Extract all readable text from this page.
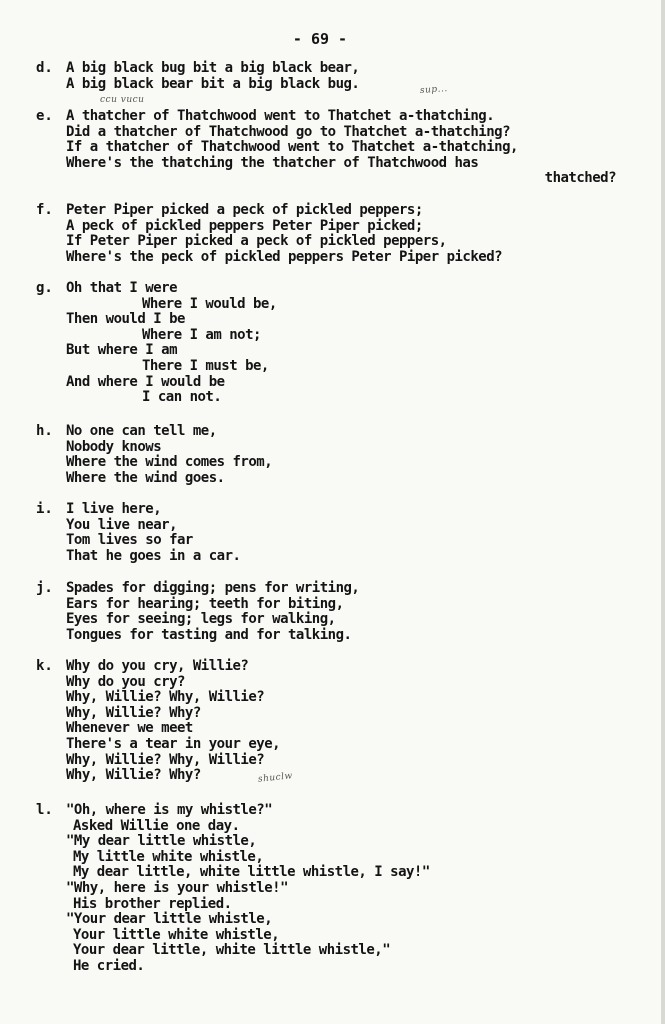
- 69 -
d. A big black bug bit a big black bear,
A big black bear bit a big black bug.
ccu vucu
sup...
e. A thatcher of Thatchwood went to Thatchet a-thatching.
Did a thatcher of Thatchwood go to Thatchet a-thatching?
If a thatcher of Thatchwood went to Thatchet a-thatching,
Where's the thatching the thatcher of Thatchwood has
thatched?
f. Peter Piper picked a peck of pickled peppers;
A peck of pickled peppers Peter Piper picked;
If Peter Piper picked a peck of pickled peppers,
Where's the peck of pickled peppers Peter Piper picked?
g. Oh that I were
Where I would be,
Then would I be
Where I am not;
But where I am
There I must be,
And where I would be
I can not.
h. No one can tell me,
Nobody knows
Where the wind comes from,
Where the wind goes.
i. I live here,
You live near,
Tom lives so far
That he goes in a car.
j. Spades for digging; pens for writing,
Ears for hearing; teeth for biting,
Eyes for seeing; legs for walking,
Tongues for tasting and for talking.
k. Why do you cry, Willie?
Why do you cry?
Why, Willie? Why, Willie?
Why, Willie? Why?
Whenever we meet
There's a tear in your eye,
Why, Willie? Why, Willie?
Why, Willie? Why?	shuclw
l. "Oh, where is my whistle?"
Asked Willie one day.
"My dear little whistle,
My little white whistle,
My dear little, white little whistle, I say!"
"Why, here is your whistle!"
His brother replied.
"Your dear little whistle,
Your little white whistle,
Your dear little, white little whistle,"
He cried.
